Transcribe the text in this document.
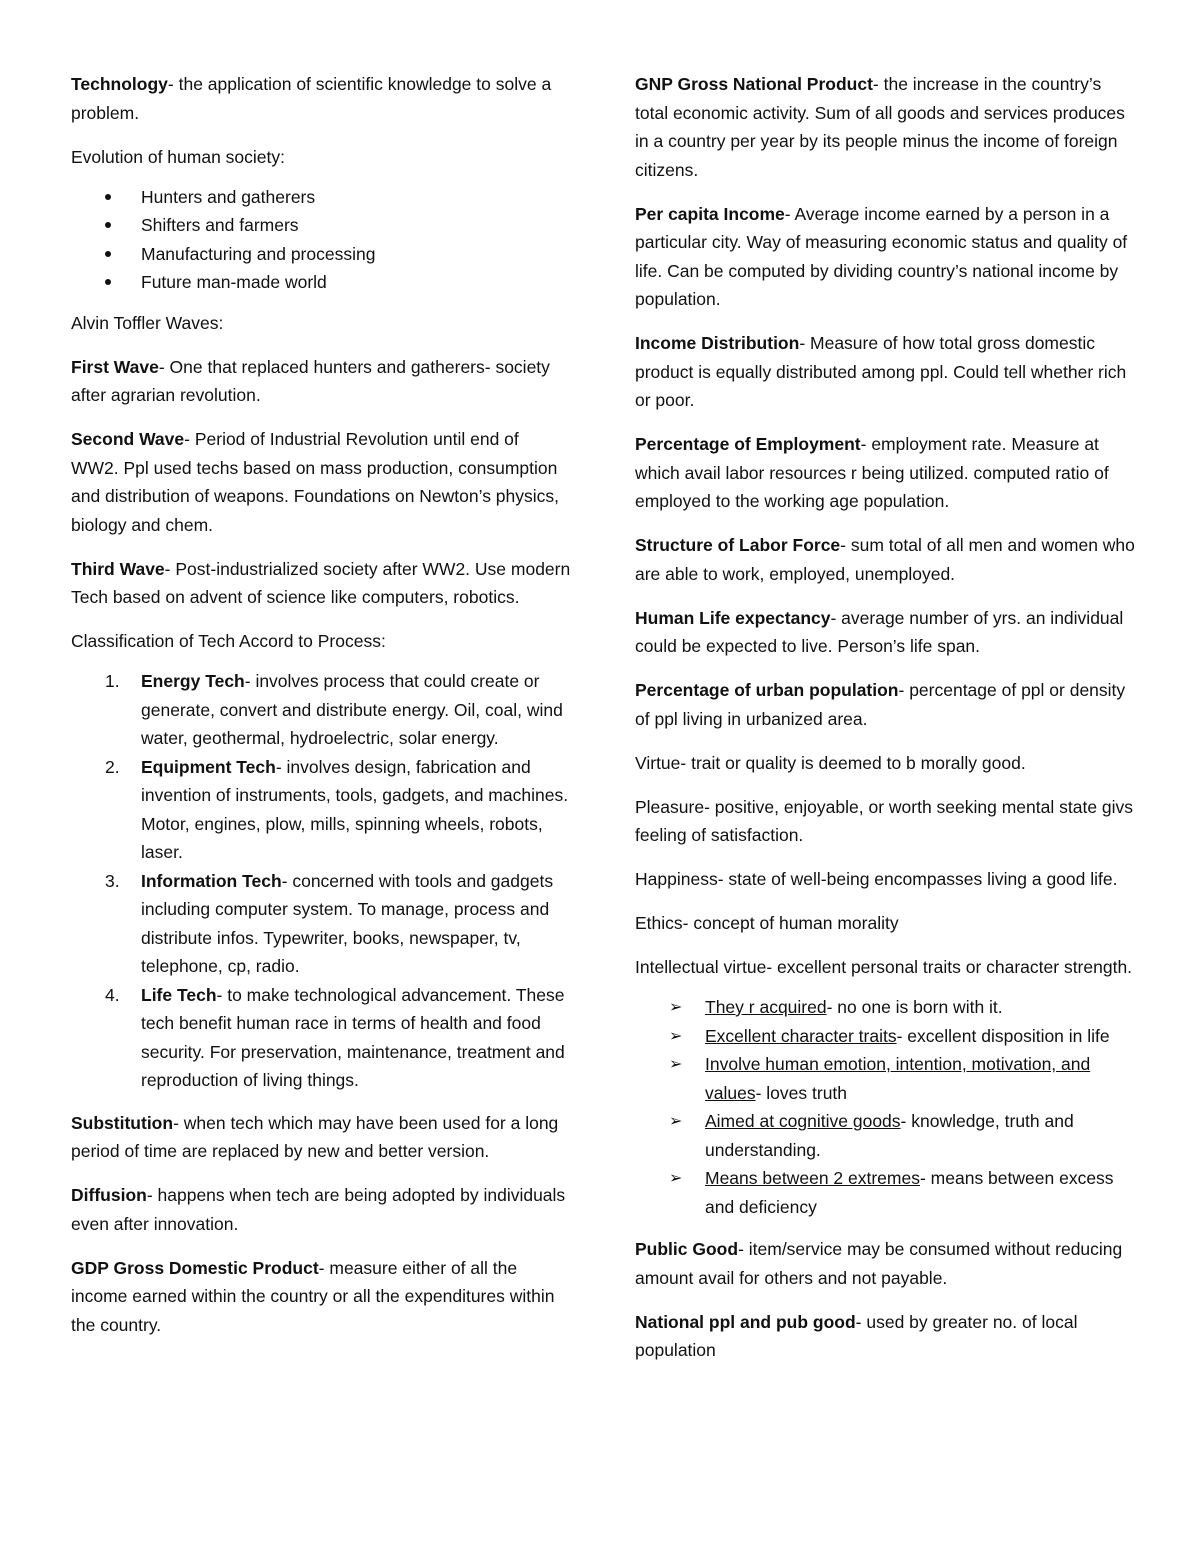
Technology- the application of scientific knowledge to solve a problem.

Evolution of human society:

Hunters and gatherers
Shifters and farmers
Manufacturing and processing
Future man-made world

Alvin Toffler Waves:

First Wave- One that replaced hunters and gatherers- society after agrarian revolution.

Second Wave- Period of Industrial Revolution until end of WW2. Ppl used techs based on mass production, consumption and distribution of weapons. Foundations on Newton’s physics, biology and chem.

Third Wave- Post-industrialized society after WW2. Use modern Tech based on advent of science like computers, robotics.

Classification of Tech Accord to Process:

1. Energy Tech- involves process that could create or generate, convert and distribute energy. Oil, coal, wind water, geothermal, hydroelectric, solar energy.
2. Equipment Tech- involves design, fabrication and invention of instruments, tools, gadgets, and machines. Motor, engines, plow, mills, spinning wheels, robots, laser.
3. Information Tech- concerned with tools and gadgets including computer system. To manage, process and distribute infos. Typewriter, books, newspaper, tv, telephone, cp, radio.
4. Life Tech- to make technological advancement. These tech benefit human race in terms of health and food security. For preservation, maintenance, treatment and reproduction of living things.

Substitution- when tech which may have been used for a long period of time are replaced by new and better version.

Diffusion- happens when tech are being adopted by individuals even after innovation.

GDP Gross Domestic Product- measure either of all the income earned within the country or all the expenditures within the country.

GNP Gross National Product- the increase in the country’s total economic activity. Sum of all goods and services produces in a country per year by its people minus the income of foreign citizens.

Per capita Income- Average income earned by a person in a particular city. Way of measuring economic status and quality of life. Can be computed by dividing country’s national income by population.

Income Distribution- Measure of how total gross domestic product is equally distributed among ppl. Could tell whether rich or poor.

Percentage of Employment- employment rate. Measure at which avail labor resources r being utilized. computed ratio of employed to the working age population.

Structure of Labor Force- sum total of all men and women who are able to work, employed, unemployed.

Human Life expectancy- average number of yrs. an individual could be expected to live. Person’s life span.

Percentage of urban population- percentage of ppl or density of ppl living in urbanized area.

Virtue- trait or quality is deemed to b morally good.

Pleasure- positive, enjoyable, or worth seeking mental state givs feeling of satisfaction.

Happiness- state of well-being encompasses living a good life.

Ethics- concept of human morality

Intellectual virtue- excellent personal traits or character strength.

➢ They r acquired- no one is born with it.
➢ Excellent character traits- excellent disposition in life
➢ Involve human emotion, intention, motivation, and values- loves truth
➢ Aimed at cognitive goods- knowledge, truth and understanding.
➢ Means between 2 extremes- means between excess and deficiency

Public Good- item/service may be consumed without reducing amount avail for others and not payable.

National ppl and pub good- used by greater no. of local population
